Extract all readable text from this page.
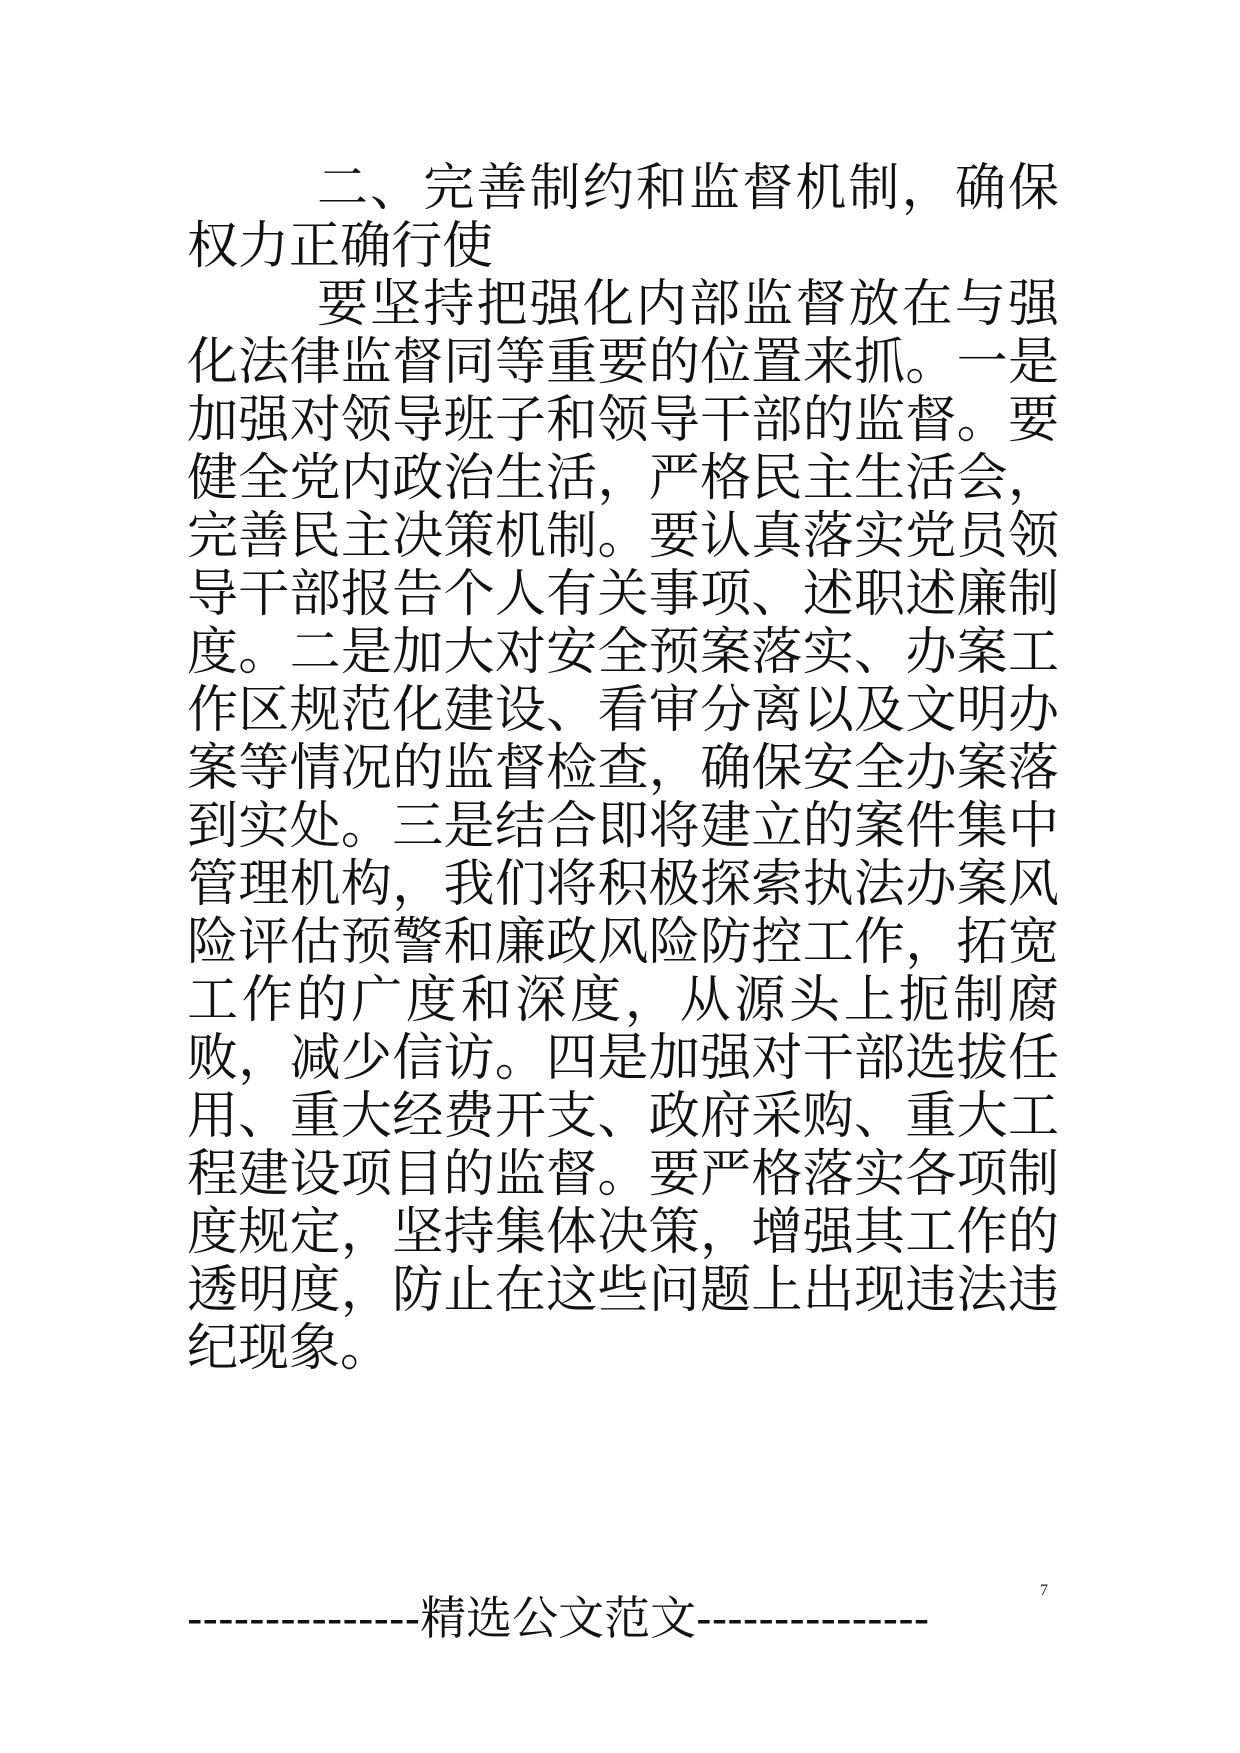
二、完善制约和监督机制，确保权力正确行使

要坚持把强化内部监督放在与强化法律监督同等重要的位置来抓。一是加强对领导班子和领导干部的监督。要健全党内政治生活，严格民主生活会，完善民主决策机制。要认真落实党员领导干部报告个人有关事项、述职述廉制度。二是加大对安全预案落实、办案工作区规范化建设、看审分离以及文明办案等情况的监督检查，确保安全办案落到实处。三是结合即将建立的案件集中管理机构，我们将积极探索执法办案风险评估预警和廉政风险防控工作，拓宽工作的广度和深度，从源头上扼制腐败，减少信访。四是加强对干部选拔任用、重大经费开支、政府采购、重大工程建设项目的监督。要严格落实各项制度规定，坚持集体决策，增强其工作的透明度，防止在这些问题上出现违法违纪现象。

---------------精选公文范文---------------
7
